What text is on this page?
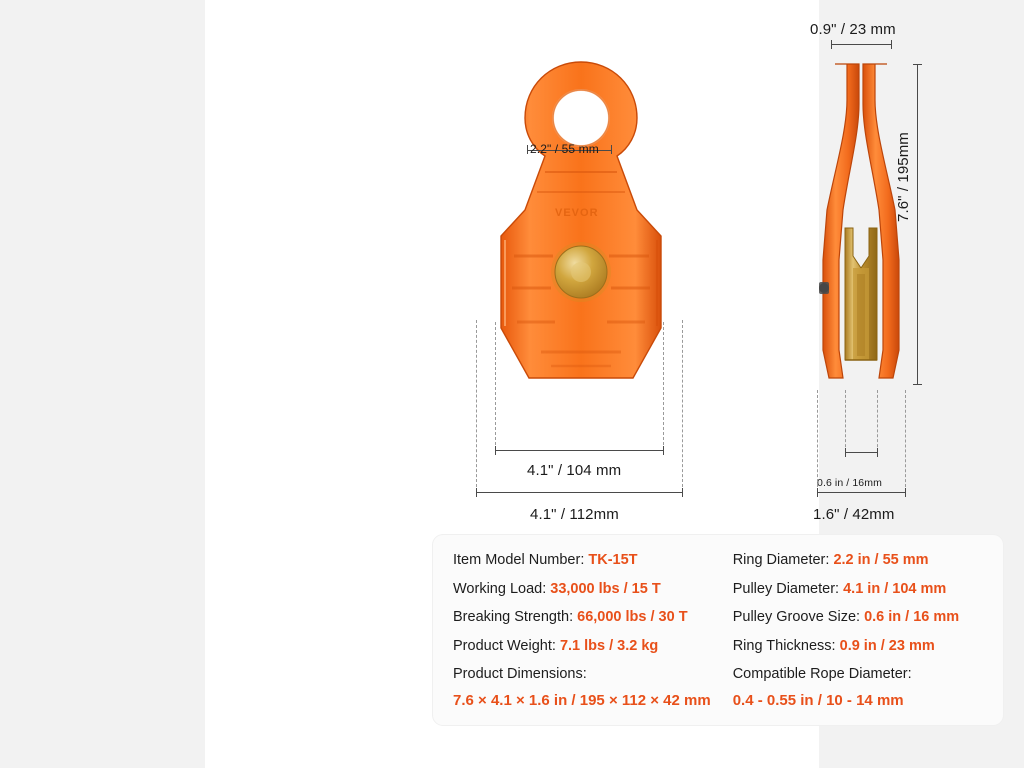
VEVOR
2.2" / 55 mm
4.1" / 104 mm
4.1" / 112mm
0.9" / 23 mm
7.6" / 195mm
0.6 in / 16mm
1.6" / 42mm
Item Model Number: TK-15T
Working Load: 33,000 lbs / 15 T
Breaking Strength: 66,000 lbs / 30 T
Product Weight: 7.1 lbs / 3.2 kg
Product Dimensions:
7.6 × 4.1 × 1.6 in / 195 × 112 × 42 mm
Ring Diameter: 2.2 in / 55 mm
Pulley Diameter: 4.1 in / 104 mm
Pulley Groove Size: 0.6 in / 16 mm
Ring Thickness: 0.9 in / 23 mm
Compatible Rope Diameter:
0.4 - 0.55 in / 10 - 14 mm
